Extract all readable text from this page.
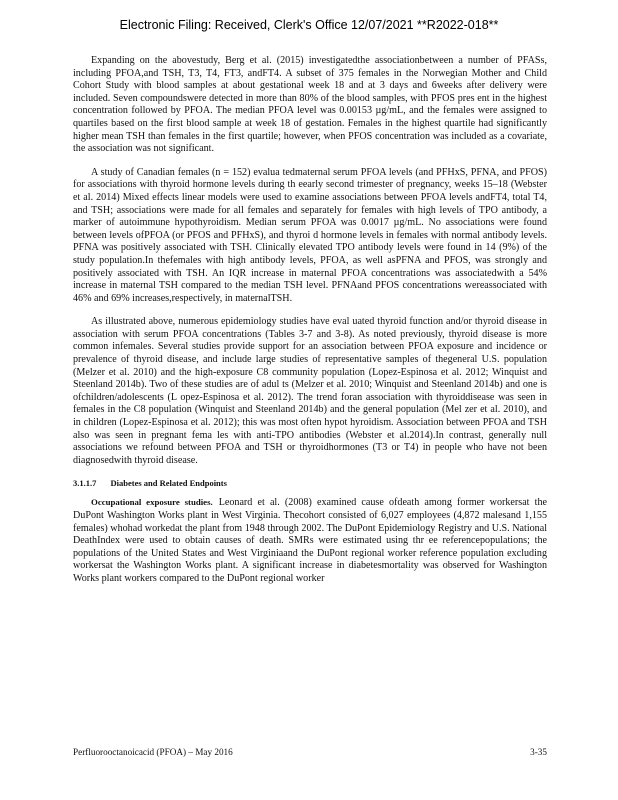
Electronic Filing: Received, Clerk's Office 12/07/2021 **R2022-018**

Expanding on the abovestudy, Berg et al. (2015) investigatedthe associationbetween a number of PFASs, including PFOA,and TSH, T3, T4, FT3, andFT4. A subset of 375 females in the Norwegian Mother and Child Cohort Study with blood samples at about gestational week 18 and at 3 days and 6weeks after delivery were included. Seven compoundswere detected in more than 80% of the blood samples, with PFOS pres ent in the highest concentration followed by PFOA. The median PFOA level was 0.00153 µg/mL, and the females were assigned to quartiles based on the first blood sample at week 18 of gestation. Females in the highest quartile had significantly higher mean TSH than females in the first quartile; however, when PFOS concentration was included as a covariate, the association was not significant.

A study of Canadian females (n = 152) evalua tedmaternal serum PFOA levels (and PFHxS, PFNA, and PFOS) for associations with thyroid hormone levels during th eearly second trimester of pregnancy, weeks 15–18 (Webster et al. 2014) Mixed effects linear models were used to examine associations between PFOA levels andFT4, total T4, and TSH; associations were made for all females and separately for females with high levels of TPO antibody, a marker of autoimmune hypothyroidism. Median serum PFOA was 0.0017 µg/mL. No associations were found between levels ofPFOA (or PFOS and PFHxS), and thyroi d hormone levels in females with normal antibody levels. PFNA was positively associated with TSH. Clinically elevated TPO antibody levels were found in 14 (9%) of the study population.In thefemales with high antibody levels, PFOA, as well asPFNA and PFOS, was strongly and positively associated with TSH. An IQR increase in maternal PFOA concentrations was associatedwith a 54% increase in maternal TSH compared to the median TSH level. PFNAand PFOS concentrations wereassociated with 46% and 69% increases,respectively, in maternalTSH.

As illustrated above, numerous epidemiology studies have eval uated thyroid function and/or thyroid disease in association with serum PFOA concentrations (Tables 3-7 and 3-8). As noted previously, thyroid disease is more common infemales. Several studies provide support for an association between PFOA exposure and incidence or prevalence of thyroid disease, and include large studies of representative samples of thegeneral U.S. population (Melzer et al. 2010) and the high-exposure C8 community population (Lopez-Espinosa et al. 2012; Winquist and Steenland 2014b). Two of these studies are of adul ts (Melzer et al. 2010; Winquist and Steenland 2014b) and one is ofchildren/adolescents (L opez-Espinosa et al. 2012). The trend foran association with thyroiddisease was seen in females in the C8 population (Winquist and Steenland 2014b) and the general population (Mel zer et al. 2010), and in children (Lopez-Espinosa et al. 2012); this was most often hypot hyroidism. Association between PFOA and TSH also was seen in pregnant fema les with anti-TPO antibodies (Webster et al.2014).In contrast, generally null associations we refound between PFOA and TSH or thyroidhormones (T3 or T4) in people who have not been diagnosedwith thyroid disease.

3.1.1.7 Diabetes and Related Endpoints

Occupational exposure studies. Leonard et al. (2008) examined cause ofdeath among former workersat the DuPont Washington Works plant in West Virginia. Thecohort consisted of 6,027 employees (4,872 malesand 1,155 females) whohad workedat the plant from 1948 through 2002. The DuPont Epidemiology Registry and U.S. National DeathIndex were used to obtain causes of death. SMRs were estimated using thr ee referencepopulations; the populations of the United States and West Virginiaand the DuPont regional worker reference population excluding workersat the Washington Works plant. A significant increase in diabetesmortality was observed for Washington Works plant workers compared to the DuPont regional worker

Perfluorooctanoicacid (PFOA) – May 2016	3-35
